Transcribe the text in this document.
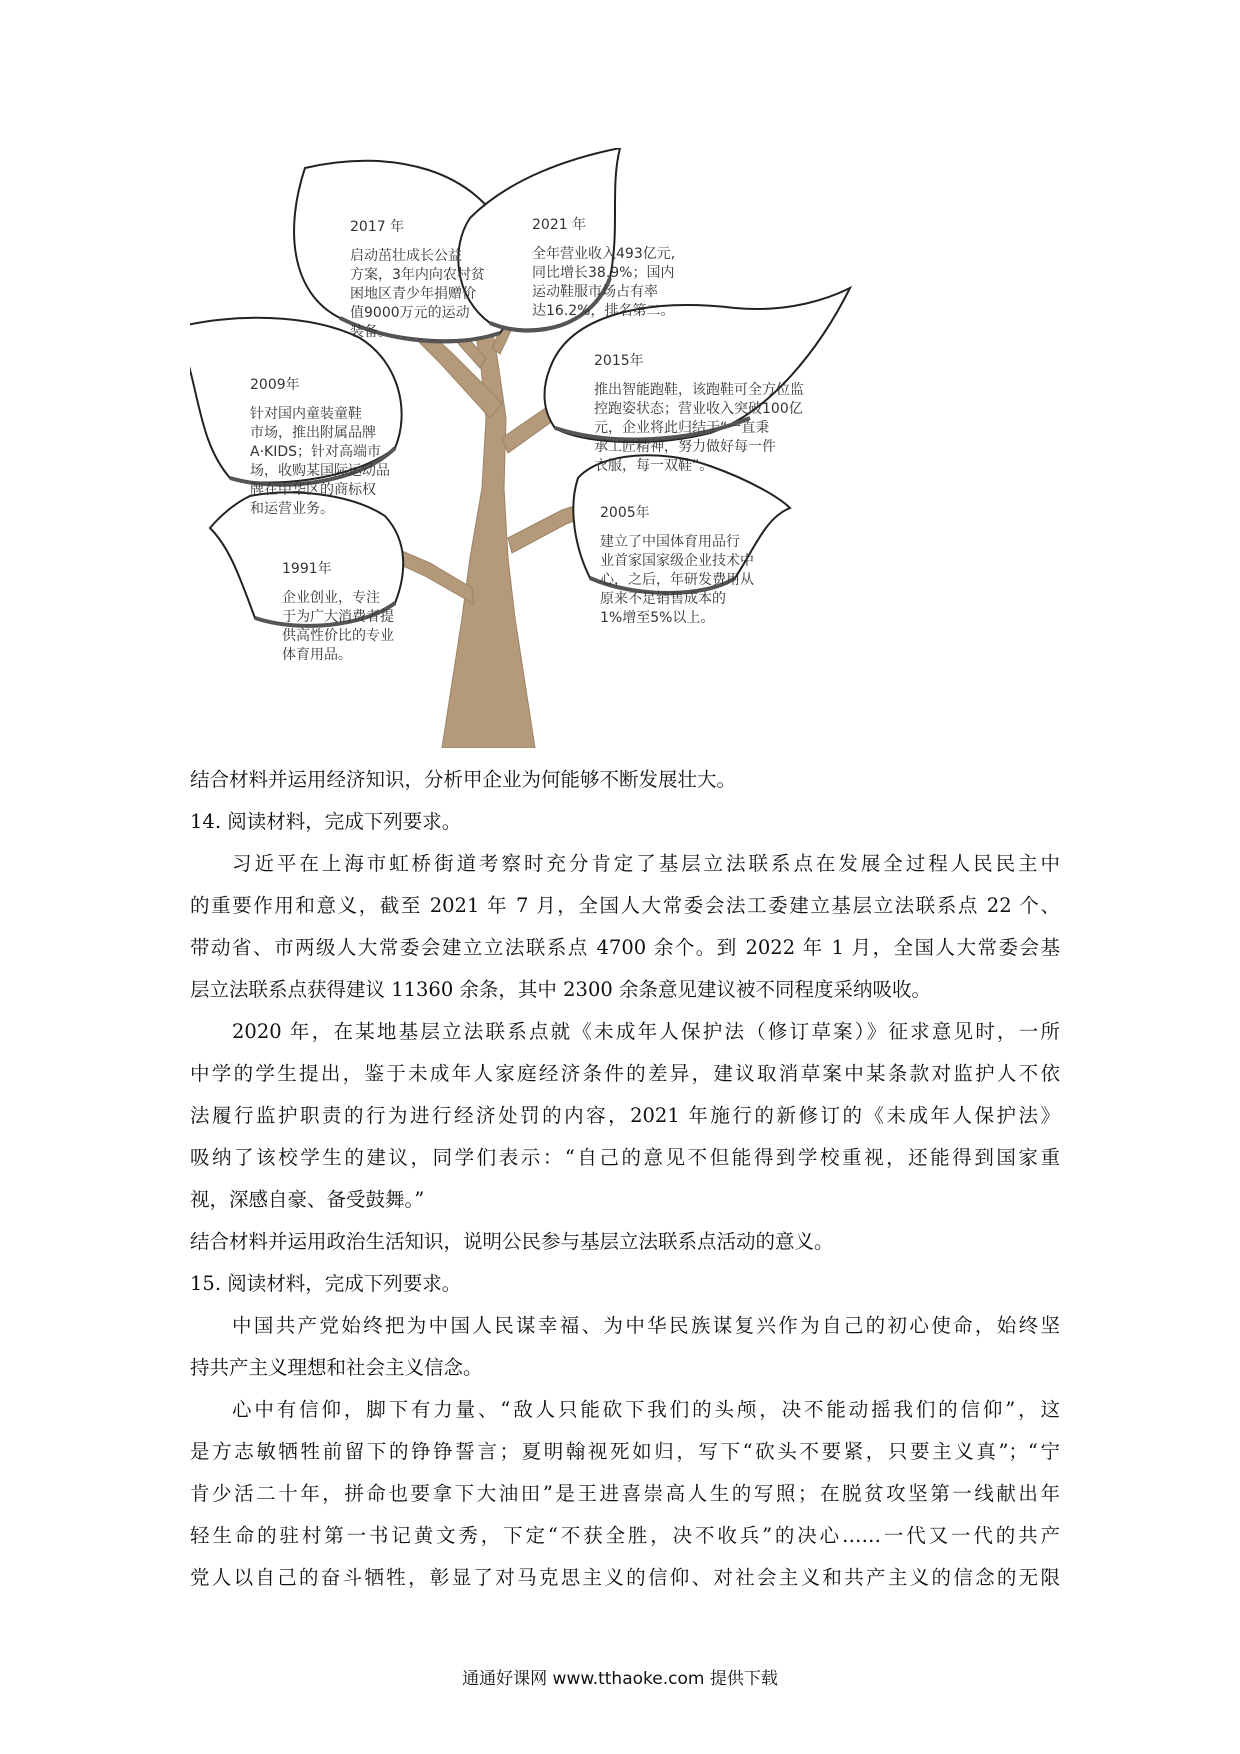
2017 年
启动茁壮成长公益
方案，3年内向农村贫
困地区青少年捐赠价
值9000万元的运动
装备。
2021 年
全年营业收入493亿元,
同比增长38.9%；国内
运动鞋服市场占有率
达16.2%，排名第二。
2009年
针对国内童装童鞋
市场，推出附属品牌
A·KIDS；针对高端市
场，收购某国际运动品
牌在中华区的商标权
和运营业务。
2015年
推出智能跑鞋，该跑鞋可全方位监
控跑姿状态；营业收入突破100亿
元，企业将此归结于“一直秉
承工匠精神，努力做好每一件
衣服，每一双鞋”。
2005年
建立了中国体育用品行
业首家国家级企业技术中
心，之后，年研发费用从
原来不足销售成本的
1%增至5%以上。
1991年
企业创业，专注
于为广大消费者提
供高性价比的专业
体育用品。
结合材料并运用经济知识，分析甲企业为何能够不断发展壮大。
14. 阅读材料，完成下列要求。
习近平在上海市虹桥街道考察时充分肯定了基层立法联系点在发展全过程人民民主中
的重要作用和意义，截至 2021 年 7 月，全国人大常委会法工委建立基层立法联系点 22 个、
带动省、市两级人大常委会建立立法联系点 4700 余个。到 2022 年 1 月，全国人大常委会基
层立法联系点获得建议 11360 余条，其中 2300 余条意见建议被不同程度采纳吸收。
2020 年，在某地基层立法联系点就《未成年人保护法（修订草案）》征求意见时，一所
中学的学生提出，鉴于未成年人家庭经济条件的差异，建议取消草案中某条款对监护人不依
法履行监护职责的行为进行经济处罚的内容，2021 年施行的新修订的《未成年人保护法》
吸纳了该校学生的建议，同学们表示：“自己的意见不但能得到学校重视，还能得到国家重
视，深感自豪、备受鼓舞。”
结合材料并运用政治生活知识，说明公民参与基层立法联系点活动的意义。
15. 阅读材料，完成下列要求。
中国共产党始终把为中国人民谋幸福、为中华民族谋复兴作为自己的初心使命，始终坚
持共产主义理想和社会主义信念。
心中有信仰，脚下有力量、“敌人只能砍下我们的头颅，决不能动摇我们的信仰”，这
是方志敏牺牲前留下的铮铮誓言；夏明翰视死如归，写下“砍头不要紧，只要主义真”；“宁
肯少活二十年，拼命也要拿下大油田”是王进喜崇高人生的写照；在脱贫攻坚第一线献出年
轻生命的驻村第一书记黄文秀，下定“不获全胜，决不收兵”的决心……一代又一代的共产
党人以自己的奋斗牺牲，彰显了对马克思主义的信仰、对社会主义和共产主义的信念的无限
通通好课网 www.tthaoke.com 提供下载
